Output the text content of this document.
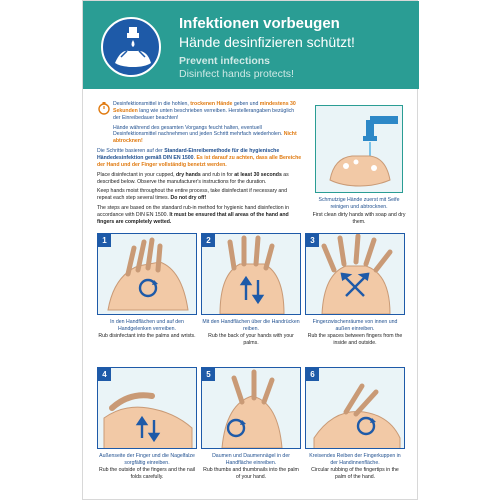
Infektionen vorbeugen
Hände desinfizieren schützt!
Prevent infections
Disinfect hands protects!

Desinfektionsmittel in die hohlen, trockenen Hände geben und mindestens 30 Sekunden lang wie unten beschrieben verreiben. Herstellerangaben bezüglich der Einreibedauer beachten!

Hände während des gesamten Vorgangs feucht halten, eventuell Desinfektionsmittel nachnehmen und jeden Schritt mehrfach wiederholen. Nicht abtrocknen!

Die Schritte basieren auf der Standard-Einreibemethode für die hygienische Händedesinfektion gemäß DIN EN 1500. Es ist darauf zu achten, dass alle Bereiche der Hand und der Finger vollständig benetzt werden.

Place disinfectant in your cupped, dry hands and rub in for at least 30 seconds as described below. Observe the manufacturer's instructions for the duration.

Keep hands moist throughout the entire process, take disinfectant if necessary and repeat each step several times. Do not dry off!

The steps are based on the standard rub-in method for hygienic hand disinfection in accordance with DIN EN 1500. It must be ensured that all areas of the hand and fingers are completely wetted.

Schmutzige Hände zuerst mit Seife reinigen und abtrocknen.
First clean dirty hands with soap and dry them.
1
In den Handflächen und auf den Handgelenken verreiben.
Rub disinfectant into the palms and wrists.
2
Mit den Handflächen über die Handrücken reiben.
Rub the back of your hands with your palms.
3
Fingerzwischenräume von innen und außen einreiben.
Rub the spaces between fingers from the inside and outside.
4
Außenseite der Finger und die Nagelfalze sorgfältig einreiben.
Rub the outside of the fingers and the nail folds carefully.
5
Daumen und Daumennägel in der Handfläche einreiben.
Rub thumbs and thumbnails into the palm of your hand.
6
Kreisendes Reiben der Fingerkuppen in der Handinnenfläche.
Circular rubbing of the fingertips in the palm of the hand.
